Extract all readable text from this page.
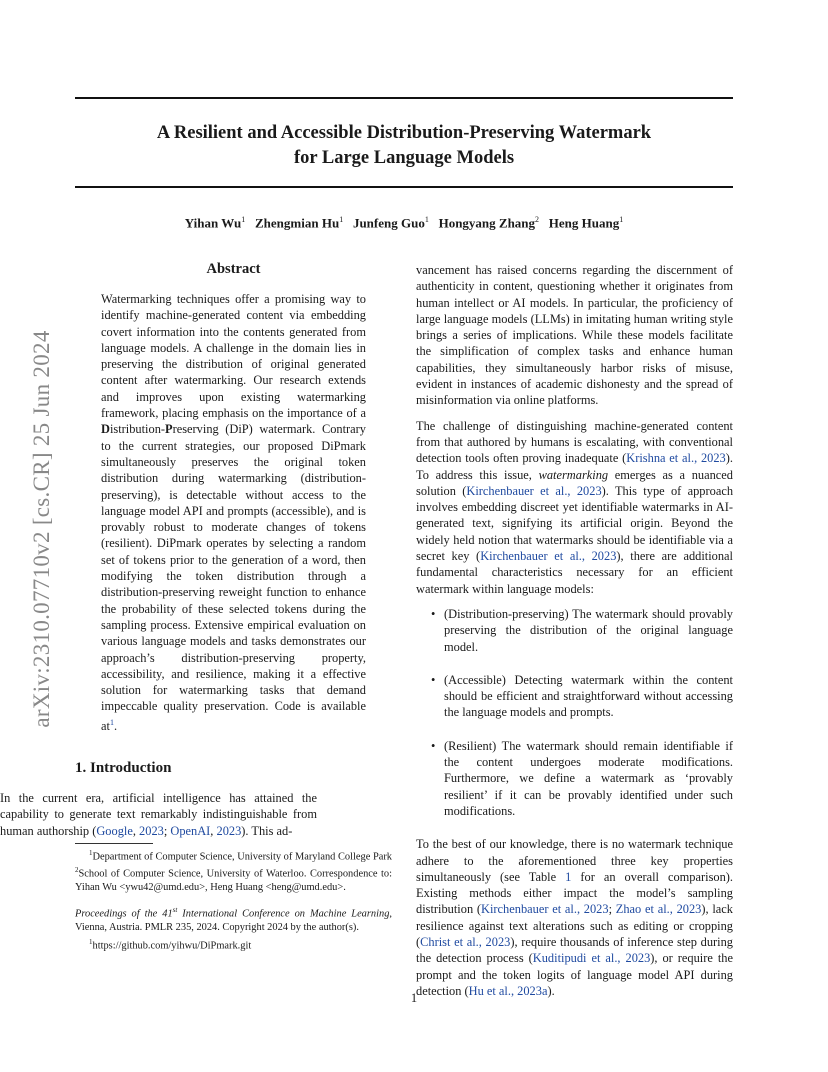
A Resilient and Accessible Distribution-Preserving Watermark
for Large Language Models
Yihan Wu$^1$ Zhengmian Hu$^1$ Junfeng Guo$^1$ Hongyang Zhang$^2$ Heng Huang$^1$
arXiv:2310.07710v2 [cs.CR] 25 Jun 2024
Abstract
Watermarking techniques offer a promising way to identify machine-generated content via embedding covert information into the contents generated from language models. A challenge in the domain lies in preserving the distribution of original generated content after watermarking. Our research extends and improves upon existing watermarking framework, placing emphasis on the importance of a Distribution-Preserving (DiP) watermark. Contrary to the current strategies, our proposed DiPmark simultaneously preserves the original token distribution during watermarking (distribution-preserving), is detectable without access to the language model API and prompts (accessible), and is provably robust to moderate changes of tokens (resilient). DiPmark operates by selecting a random set of tokens prior to the generation of a word, then modifying the token distribution through a distribution-preserving reweight function to enhance the probability of these selected tokens during the sampling process. Extensive empirical evaluation on various language models and tasks demonstrates our approach’s distribution-preserving property, accessibility, and resilience, making it a effective solution for watermarking tasks that demand impeccable quality preservation. Code is available at$^1$.
1. Introduction
In the current era, artificial intelligence has attained the capability to generate text remarkably indistinguishable from human authorship (Google, 2023; OpenAI, 2023). This ad-

$^1$Department of Computer Science, University of Maryland College Park $^2$School of Computer Science, University of Waterloo. Correspondence to: Yihan Wu <ywu42@umd.edu>, Heng Huang <heng@umd.edu>.

Proceedings of the 41st International Conference on Machine Learning, Vienna, Austria. PMLR 235, 2024. Copyright 2024 by the author(s).

$^1$https://github.com/yihwu/DiPmark.git

vancement has raised concerns regarding the discernment of authenticity in content, questioning whether it originates from human intellect or AI models. In particular, the proficiency of large language models (LLMs) in imitating human writing style brings a series of implications. While these models facilitate the simplification of complex tasks and enhance human capabilities, they simultaneously harbor risks of misuse, evident in instances of academic dishonesty and the spread of misinformation via online platforms.

The challenge of distinguishing machine-generated content from that authored by humans is escalating, with conventional detection tools often proving inadequate (Krishna et al., 2023). To address this issue, watermarking emerges as a nuanced solution (Kirchenbauer et al., 2023). This type of approach involves embedding discreet yet identifiable watermarks in AI-generated text, signifying its artificial origin. Beyond the widely held notion that watermarks should be identifiable via a secret key (Kirchenbauer et al., 2023), there are additional fundamental characteristics necessary for an efficient watermark within language models:

• (Distribution-preserving) The watermark should provably preserving the distribution of the original language model.
• (Accessible) Detecting watermark within the content should be efficient and straightforward without accessing the language models and prompts.
• (Resilient) The watermark should remain identifiable if the content undergoes moderate modifications. Furthermore, we define a watermark as ‘provably resilient’ if it can be provably identified under such modifications.

To the best of our knowledge, there is no watermark technique adhere to the aforementioned three key properties simultaneously (see Table 1 for an overall comparison). Existing methods either impact the model’s sampling distribution (Kirchenbauer et al., 2023; Zhao et al., 2023), lack resilience against text alterations such as editing or cropping (Christ et al., 2023), require thousands of inference step during the detection process (Kuditipudi et al., 2023), or require the prompt and the token logits of language model API during detection (Hu et al., 2023a).

1
